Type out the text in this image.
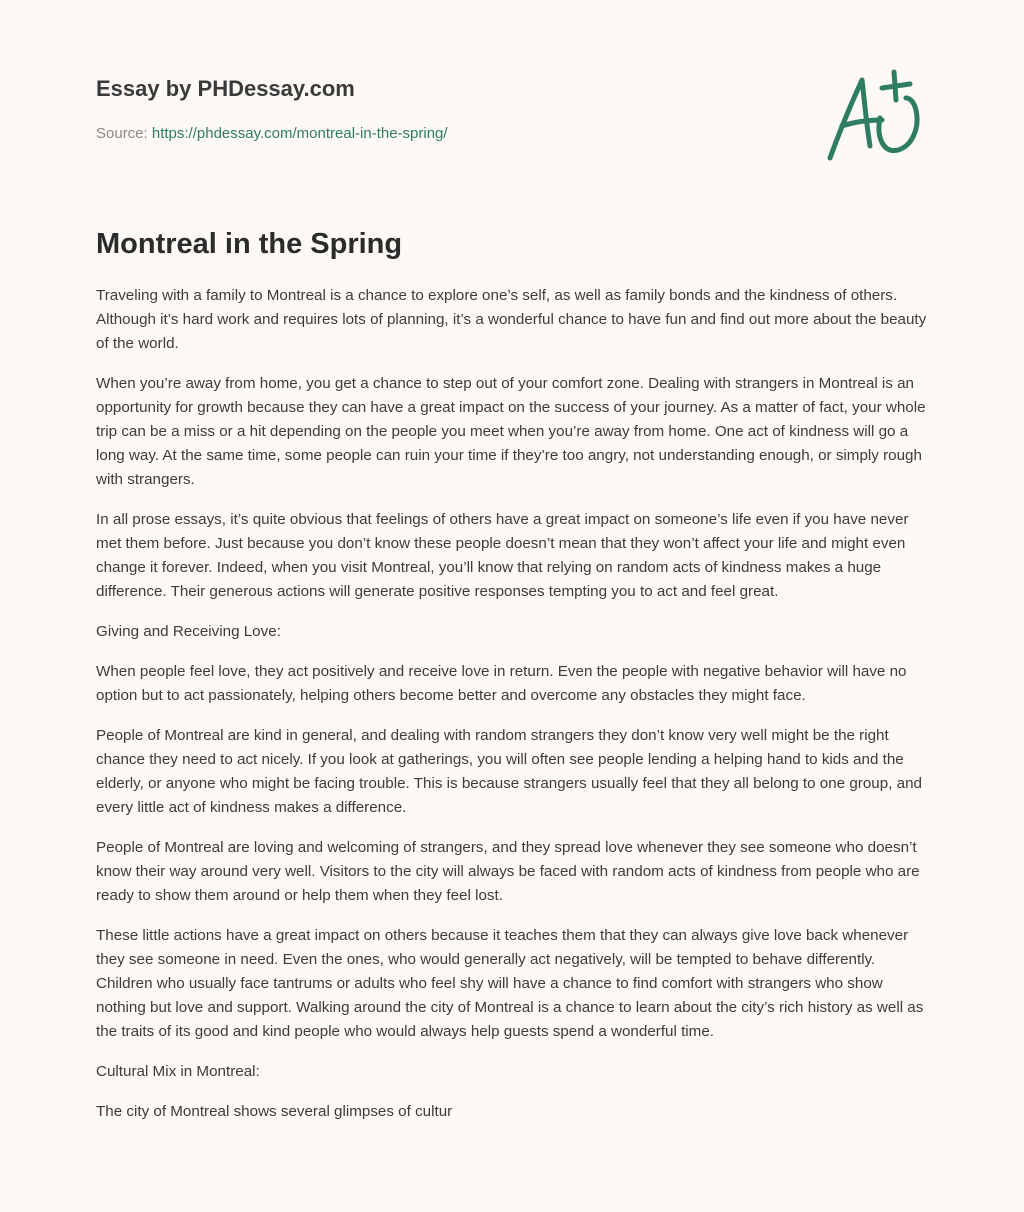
Essay by PHDessay.com
Source: https://phdessay.com/montreal-in-the-spring/
Montreal in the Spring

Traveling with a family to Montreal is a chance to explore one’s self, as well as family bonds and the kindness of others. Although it’s hard work and requires lots of planning, it’s a wonderful chance to have fun and find out more about the beauty of the world.

When you’re away from home, you get a chance to step out of your comfort zone. Dealing with strangers in Montreal is an opportunity for growth because they can have a great impact on the success of your journey. As a matter of fact, your whole trip can be a miss or a hit depending on the people you meet when you’re away from home. One act of kindness will go a long way. At the same time, some people can ruin your time if they’re too angry, not understanding enough, or simply rough with strangers.

In all prose essays, it’s quite obvious that feelings of others have a great impact on someone’s life even if you have never met them before. Just because you don’t know these people doesn’t mean that they won’t affect your life and might even change it forever. Indeed, when you visit Montreal, you’ll know that relying on random acts of kindness makes a huge difference. Their generous actions will generate positive responses tempting you to act and feel great.

Giving and Receiving Love:

When people feel love, they act positively and receive love in return. Even the people with negative behavior will have no option but to act passionately, helping others become better and overcome any obstacles they might face.

People of Montreal are kind in general, and dealing with random strangers they don’t know very well might be the right chance they need to act nicely. If you look at gatherings, you will often see people lending a helping hand to kids and the elderly, or anyone who might be facing trouble. This is because strangers usually feel that they all belong to one group, and every little act of kindness makes a difference.

People of Montreal are loving and welcoming of strangers, and they spread love whenever they see someone who doesn’t know their way around very well. Visitors to the city will always be faced with random acts of kindness from people who are ready to show them around or help them when they feel lost.

These little actions have a great impact on others because it teaches them that they can always give love back whenever they see someone in need. Even the ones, who would generally act negatively, will be tempted to behave differently. Children who usually face tantrums or adults who feel shy will have a chance to find comfort with strangers who show nothing but love and support. Walking around the city of Montreal is a chance to learn about the city’s rich history as well as the traits of its good and kind people who would always help guests spend a wonderful time.

Cultural Mix in Montreal:

The city of Montreal shows several glimpses of cultur
